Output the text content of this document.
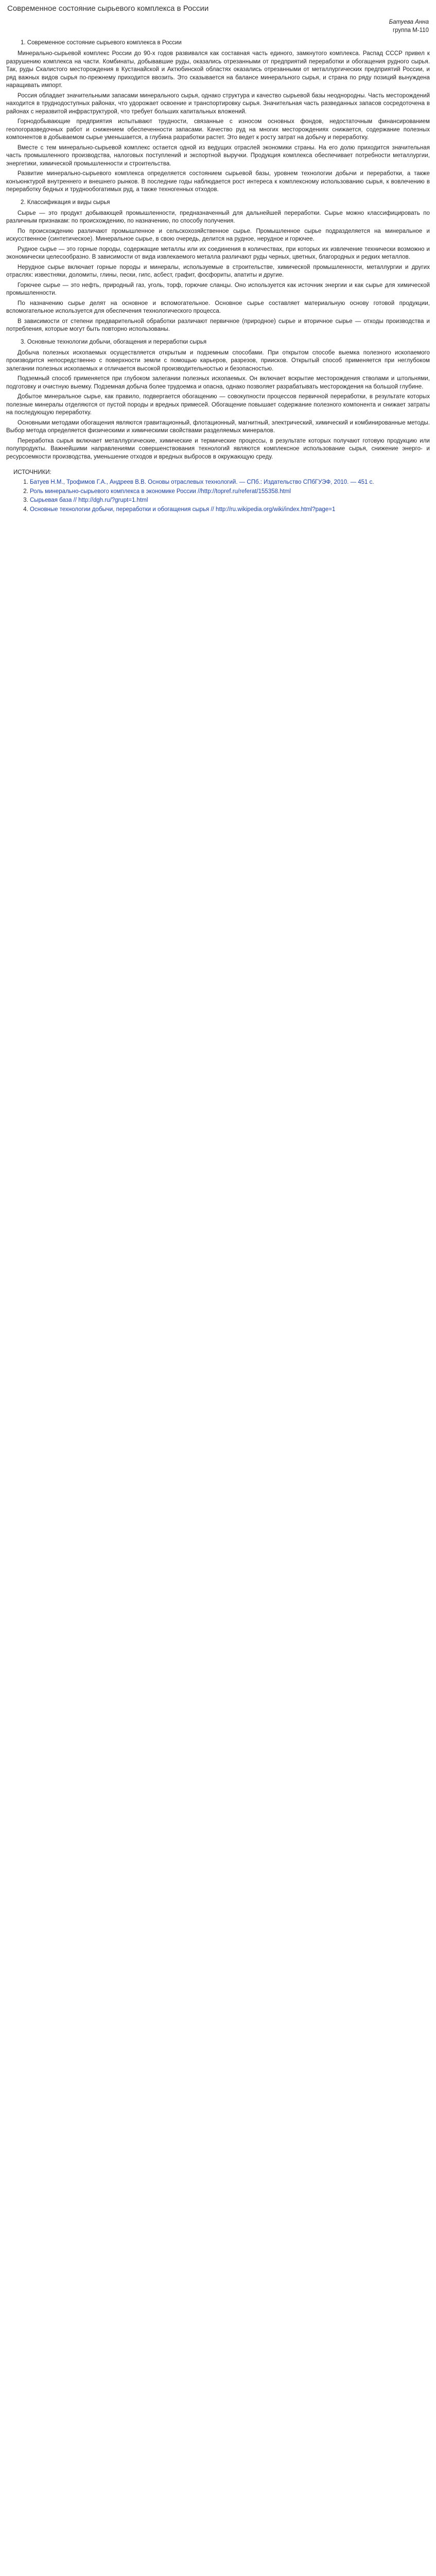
Современное состояние сырьевого комплекса в России
Батуева Анна
группа М-110
1. Современное состояние сырьевого комплекса в России

Минерально-сырьевой комплекс России до 90-х годов развивался как составная часть единого, замкнутого комплекса. Распад СССР привел к разрушению комплекса на части. Комбинаты, добывавшие руды, оказались отрезанными от предприятий переработки и обогащения рудного сырья. Так, руды Скалистого месторождения в Кустанайской и Актюбинской областях оказались отрезанными от металлургических предприятий России, и ряд важных видов сырья по-прежнему приходится ввозить. Это сказывается на балансе минерального сырья, и страна по ряду позиций вынуждена наращивать импорт.

Россия обладает значительными запасами минерального сырья, однако структура и качество сырьевой базы неоднородны. Часть месторождений находится в труднодоступных районах, что удорожает освоение и транспортировку сырья. Значительная часть разведанных запасов сосредоточена в районах с неразвитой инфраструктурой, что требует больших капитальных вложений.

Горнодобывающие предприятия испытывают трудности, связанные с износом основных фондов, недостаточным финансированием геологоразведочных работ и снижением обеспеченности запасами. Качество руд на многих месторождениях снижается, содержание полезных компонентов в добываемом сырье уменьшается, а глубина разработки растет. Это ведет к росту затрат на добычу и переработку.

Вместе с тем минерально-сырьевой комплекс остается одной из ведущих отраслей экономики страны. На его долю приходится значительная часть промышленного производства, налоговых поступлений и экспортной выручки. Продукция комплекса обеспечивает потребности металлургии, энергетики, химической промышленности и строительства.

Развитие минерально-сырьевого комплекса определяется состоянием сырьевой базы, уровнем технологии добычи и переработки, а также конъюнктурой внутреннего и внешнего рынков. В последние годы наблюдается рост интереса к комплексному использованию сырья, к вовлечению в переработку бедных и труднообогатимых руд, а также техногенных отходов.

2. Классификация и виды сырья

Сырье — это продукт добывающей промышленности, предназначенный для дальнейшей переработки. Сырье можно классифицировать по различным признакам: по происхождению, по назначению, по способу получения.

По происхождению различают промышленное и сельскохозяйственное сырье. Промышленное сырье подразделяется на минеральное и искусственное (синтетическое). Минеральное сырье, в свою очередь, делится на рудное, нерудное и горючее.

Рудное сырье — это горные породы, содержащие металлы или их соединения в количествах, при которых их извлечение технически возможно и экономически целесообразно. В зависимости от вида извлекаемого металла различают руды черных, цветных, благородных и редких металлов.

Нерудное сырье включает горные породы и минералы, используемые в строительстве, химической промышленности, металлургии и других отраслях: известняки, доломиты, глины, пески, гипс, асбест, графит, фосфориты, апатиты и другие.

Горючее сырье — это нефть, природный газ, уголь, торф, горючие сланцы. Оно используется как источник энергии и как сырье для химической промышленности.

По назначению сырье делят на основное и вспомогательное. Основное сырье составляет материальную основу готовой продукции, вспомогательное используется для обеспечения технологического процесса.

В зависимости от степени предварительной обработки различают первичное (природное) сырье и вторичное сырье — отходы производства и потребления, которые могут быть повторно использованы.

3. Основные технологии добычи, обогащения и переработки сырья

Добыча полезных ископаемых осуществляется открытым и подземным способами. При открытом способе выемка полезного ископаемого производится непосредственно с поверхности земли с помощью карьеров, разрезов, приисков. Открытый способ применяется при неглубоком залегании полезных ископаемых и отличается высокой производительностью и безопасностью.

Подземный способ применяется при глубоком залегании полезных ископаемых. Он включает вскрытие месторождения стволами и штольнями, подготовку и очистную выемку. Подземная добыча более трудоемка и опасна, однако позволяет разрабатывать месторождения на большой глубине.

Добытое минеральное сырье, как правило, подвергается обогащению — совокупности процессов первичной переработки, в результате которых полезные минералы отделяются от пустой породы и вредных примесей. Обогащение повышает содержание полезного компонента и снижает затраты на последующую переработку.

Основными методами обогащения являются гравитационный, флотационный, магнитный, электрический, химический и комбинированные методы. Выбор метода определяется физическими и химическими свойствами разделяемых минералов.

Переработка сырья включает металлургические, химические и термические процессы, в результате которых получают готовую продукцию или полупродукты. Важнейшими направлениями совершенствования технологий являются комплексное использование сырья, снижение энерго- и ресурсоемкости производства, уменьшение отходов и вредных выбросов в окружающую среду.

ИСТОЧНИКИ:
1. Батуев Н.М., Трофимов Г.А., Андреев В.В. Основы отраслевых технологий. — СПб.: Издательство СПбГУЭФ, 2010. — 451 с.
2. Роль минерально-сырьевого комплекса в экономике России //http://topref.ru/referat/155358.html
3. Сырьевая база // http://dgh.ru/?grupt=1.html
4. Основные технологии добычи, переработки и обогащения сырья // http://ru.wikipedia.org/wiki/index.html?page=1
